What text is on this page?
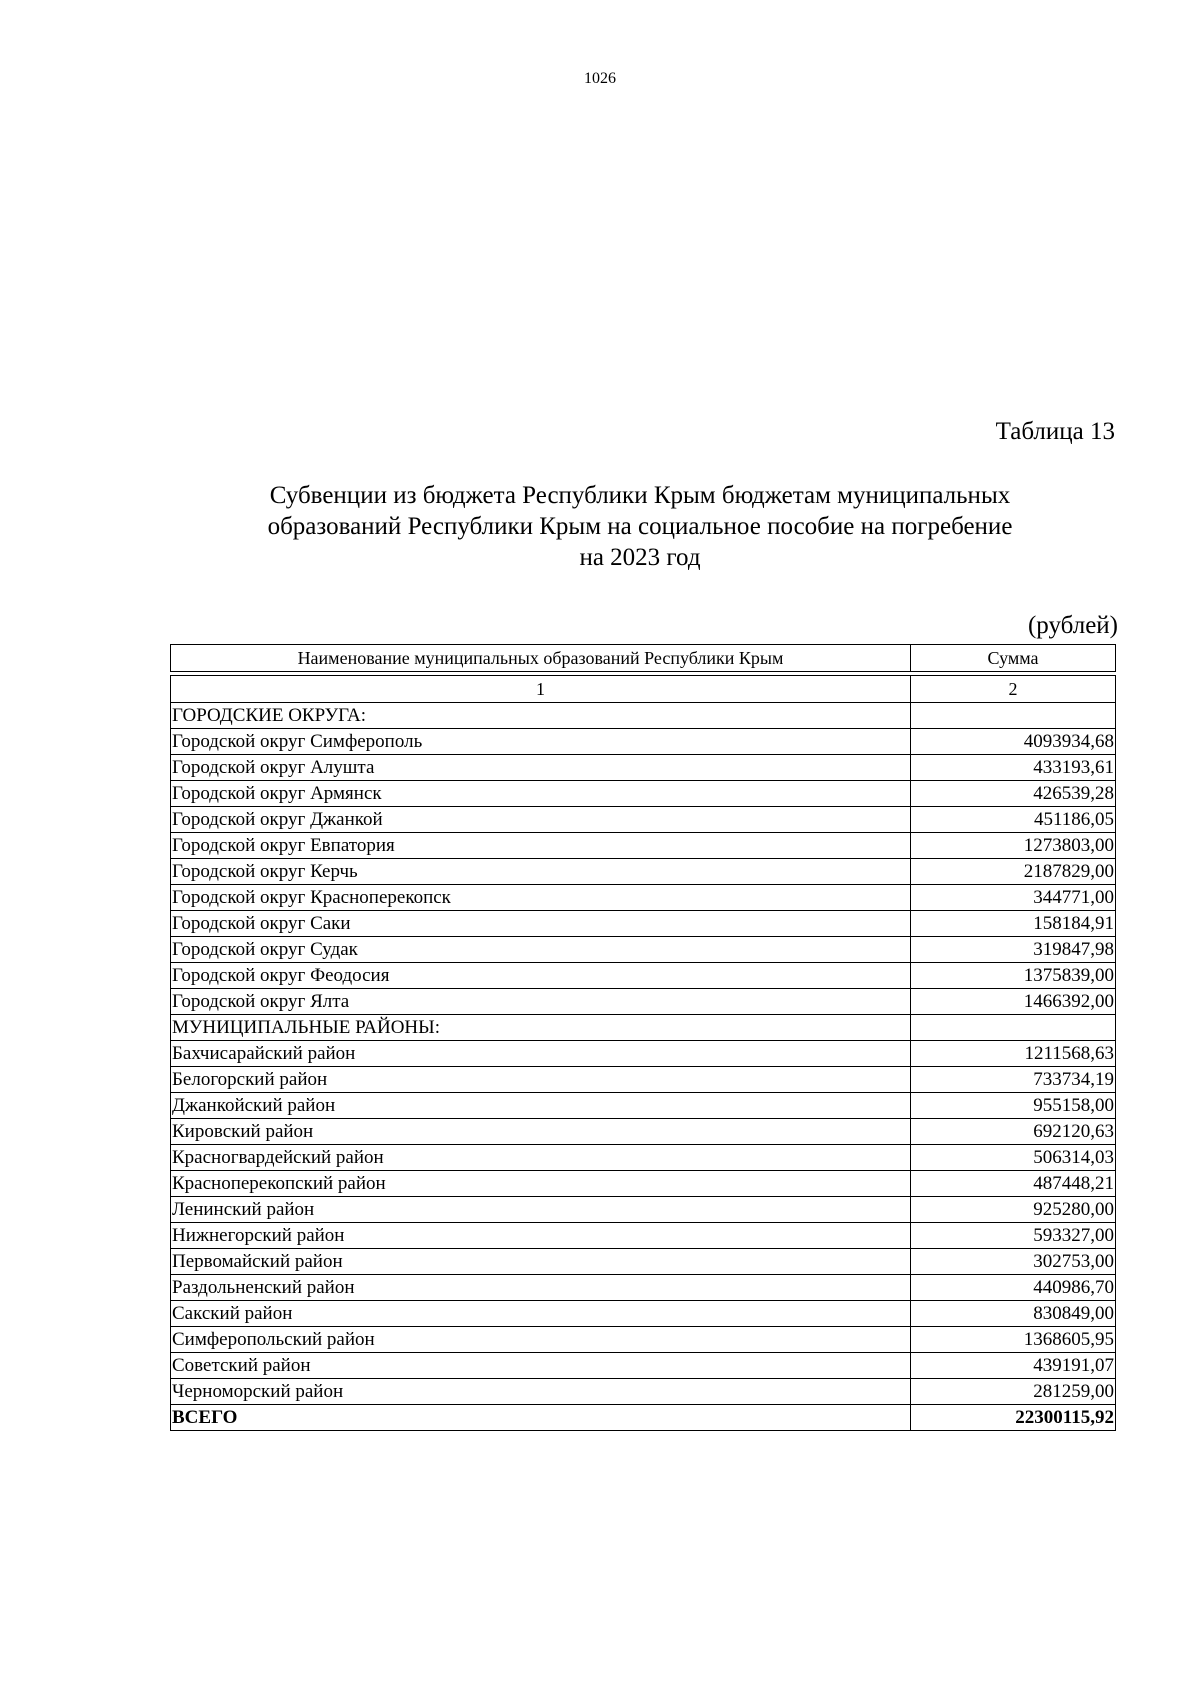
1026
Таблица 13
Субвенции из бюджета Республики Крым бюджетам муниципальных
образований Республики Крым на социальное пособие на погребение
на 2023 год
(рублей)
Наименование муниципальных образований Республики Крым	Сумма

1	2
ГОРОДСКИЕ ОКРУГА:	
Городской округ Симферополь	4093934,68
Городской округ Алушта	433193,61
Городской округ Армянск	426539,28
Городской округ Джанкой	451186,05
Городской округ Евпатория	1273803,00
Городской округ Керчь	2187829,00
Городской округ Красноперекопск	344771,00
Городской округ Саки	158184,91
Городской округ Судак	319847,98
Городской округ Феодосия	1375839,00
Городской округ Ялта	1466392,00
МУНИЦИПАЛЬНЫЕ РАЙОНЫ:	
Бахчисарайский район	1211568,63
Белогорский район	733734,19
Джанкойский район	955158,00
Кировский район	692120,63
Красногвардейский район	506314,03
Красноперекопский район	487448,21
Ленинский район	925280,00
Нижнегорский район	593327,00
Первомайский район	302753,00
Раздольненский район	440986,70
Сакский район	830849,00
Симферопольский район	1368605,95
Советский район	439191,07
Черноморский район	281259,00
ВСЕГО	22300115,92
